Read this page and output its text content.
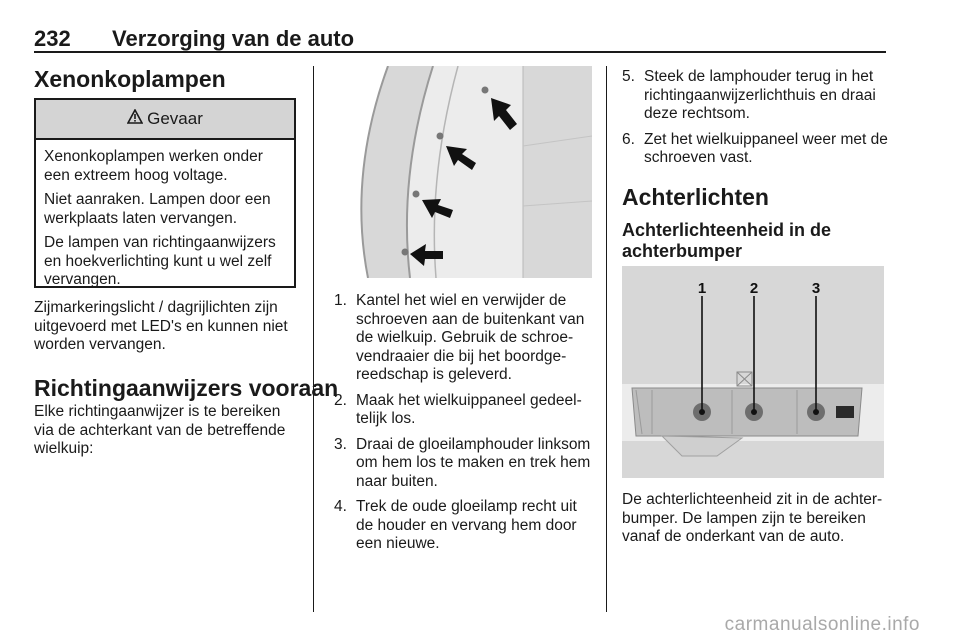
232 Verzorging van de auto
Xenonkoplampen
Gevaar

Xenonkoplampen werken onder een extreem hoog voltage.

Niet aanraken. Lampen door een werkplaats laten vervangen.

De lampen van richtingaanwijzers en hoekverlichting kunt u wel zelf vervangen.

Zijmarkeringslicht / dagrijlichten zijn uitgevoerd met LED's en kunnen niet worden vervangen.
Richtingaanwijzers vooraan
Elke richtingaanwijzer is te bereiken via de achterkant van de betreffende wielkuip:
1. Kantel het wiel en verwijder de schroeven aan de buitenkant van de wielkuip. Gebruik de schroevendraaier die bij het boordgereedschap is geleverd.
2. Maak het wielkuippaneel gedeeltelijk los.
3. Draai de gloeilamphouder linksom om hem los te maken en trek hem naar buiten.
4. Trek de oude gloeilamp recht uit de houder en vervang hem door een nieuwe.
5. Steek de lamphouder terug in het richtingaanwijzerlichthuis en draai deze rechtsom.
6. Zet het wielkuippaneel weer met de schroeven vast.
Achterlichten
Achterlichteenheid in de achterbumper
1	2	3
De achterlichteenheid zit in de achterbumper. De lampen zijn te bereiken vanaf de onderkant van de auto.
carmanualsonline.info
